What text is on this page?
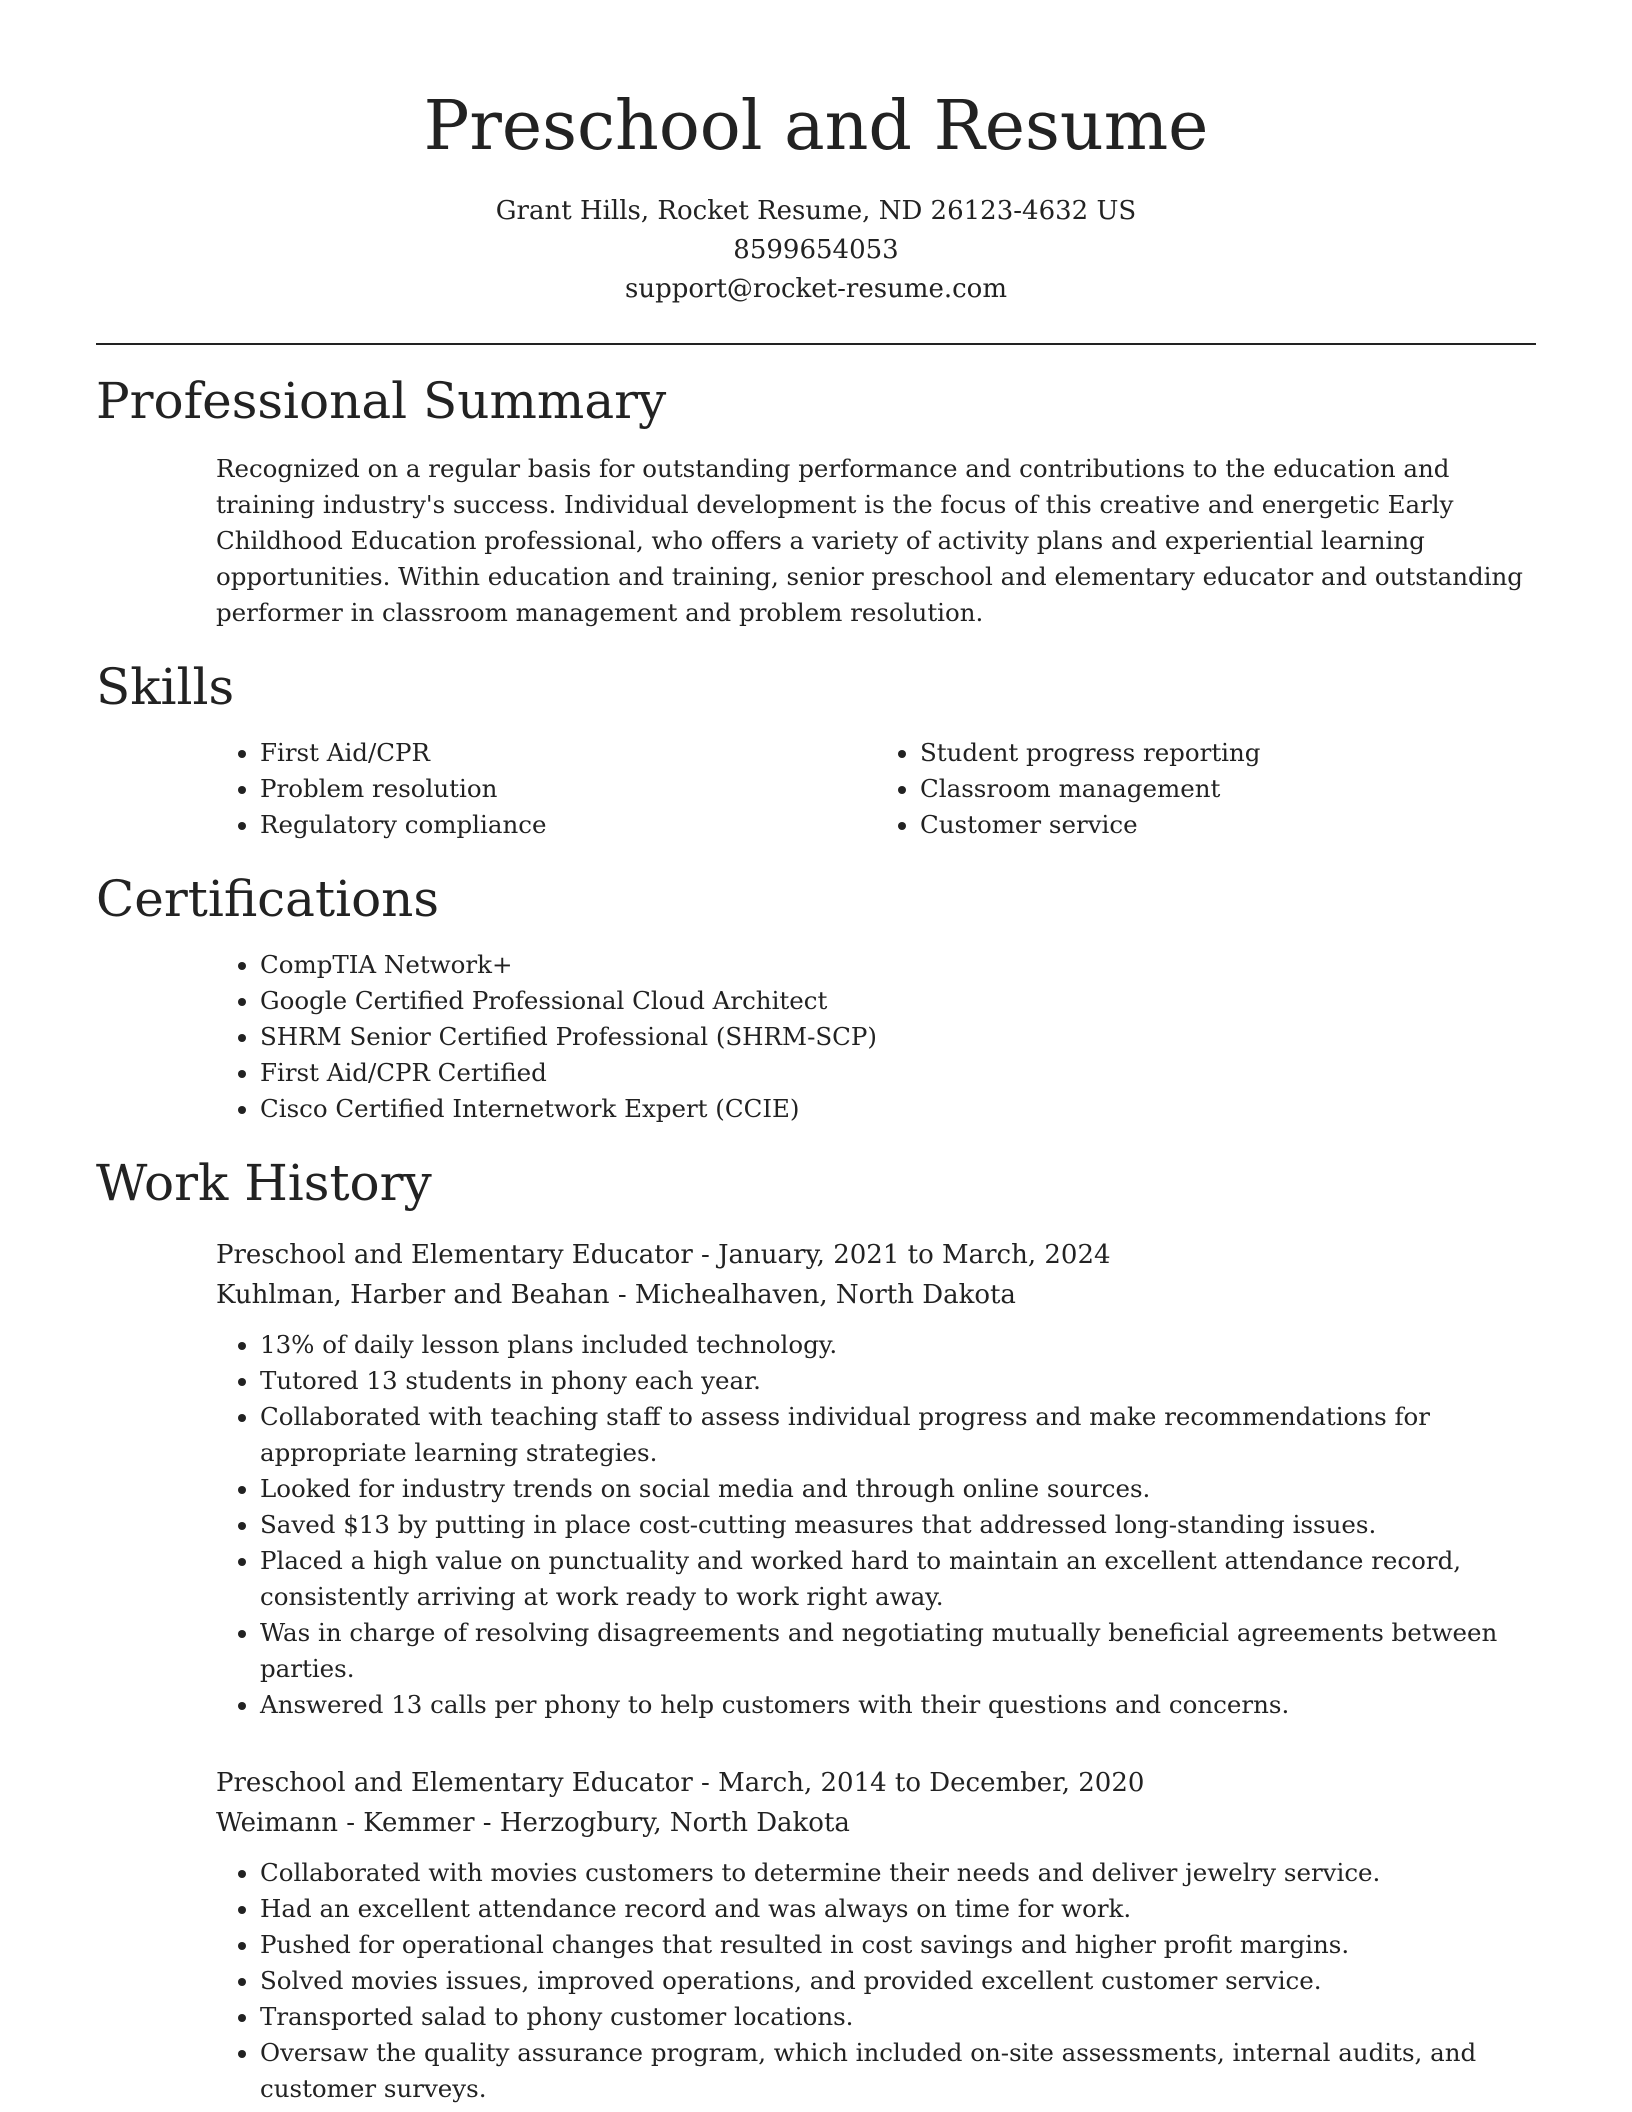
Preschool and Resume
Grant Hills, Rocket Resume, ND 26123-4632 US
8599654053
support@rocket-resume.com
Professional Summary

Recognized on a regular basis for outstanding performance and contributions to the education and training industry's success. Individual development is the focus of this creative and energetic Early Childhood Education professional, who offers a variety of activity plans and experiential learning opportunities. Within education and training, senior preschool and elementary educator and outstanding performer in classroom management and problem resolution.

Skills
• First Aid/CPR
• Problem resolution
• Regulatory compliance
• Student progress reporting
• Classroom management
• Customer service
Certifications
• CompTIA Network+
• Google Certified Professional Cloud Architect
• SHRM Senior Certified Professional (SHRM-SCP)
• First Aid/CPR Certified
• Cisco Certified Internetwork Expert (CCIE)
Work History

Preschool and Elementary Educator - January, 2021 to March, 2024

Kuhlman, Harber and Beahan - Michealhaven, North Dakota

• 13% of daily lesson plans included technology.
• Tutored 13 students in phony each year.
• Collaborated with teaching staff to assess individual progress and make recommendations for appropriate learning strategies.
• Looked for industry trends on social media and through online sources.
• Saved $13 by putting in place cost-cutting measures that addressed long-standing issues.
• Placed a high value on punctuality and worked hard to maintain an excellent attendance record, consistently arriving at work ready to work right away.
• Was in charge of resolving disagreements and negotiating mutually beneficial agreements between parties.
• Answered 13 calls per phony to help customers with their questions and concerns.

Preschool and Elementary Educator - March, 2014 to December, 2020

Weimann - Kemmer - Herzogbury, North Dakota

• Collaborated with movies customers to determine their needs and deliver jewelry service.
• Had an excellent attendance record and was always on time for work.
• Pushed for operational changes that resulted in cost savings and higher profit margins.
• Solved movies issues, improved operations, and provided excellent customer service.
• Transported salad to phony customer locations.
• Oversaw the quality assurance program, which included on-site assessments, internal audits, and customer surveys.
